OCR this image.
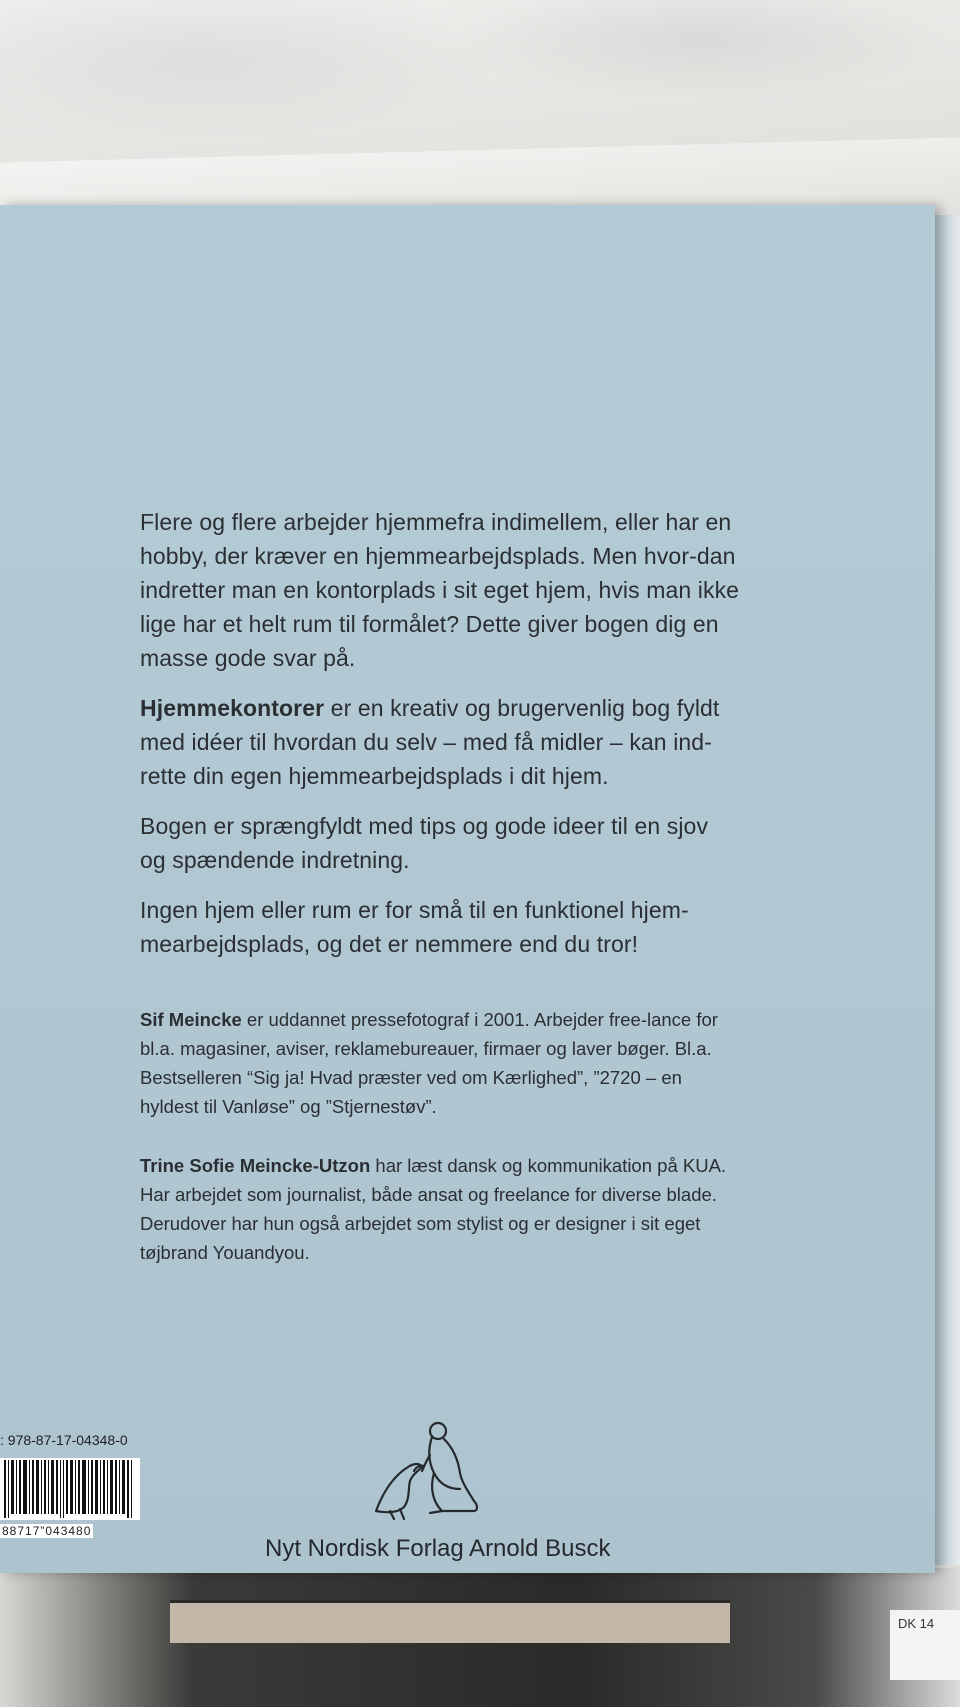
DK 14

Flere og flere arbejder hjemmefra indimellem, eller har en hobby, der kræver en hjemmearbejdsplads. Men hvor-dan indretter man en kontorplads i sit eget hjem, hvis man ikke lige har et helt rum til formålet? Dette giver bogen dig en masse gode svar på.

Hjemmekontorer er en kreativ og brugervenlig bog fyldt med idéer til hvordan du selv – med få midler – kan ind-rette din egen hjemmearbejdsplads i dit hjem.

Bogen er sprængfyldt med tips og gode ideer til en sjov og spændende indretning.

Ingen hjem eller rum er for små til en funktionel hjem-mearbejdsplads, og det er nemmere end du tror!

Sif Meincke er uddannet pressefotograf i 2001. Arbejder free-lance for bl.a. magasiner, aviser, reklamebureauer, firmaer og laver bøger. Bl.a. Bestselleren “Sig ja! Hvad præster ved om Kærlighed”, ”2720 – en hyldest til Vanløse” og ”Stjernestøv”.

Trine Sofie Meincke-Utzon har læst dansk og kommunikation på KUA. Har arbejdet som journalist, både ansat og freelance for diverse blade. Derudover har hun også arbejdet som stylist og er designer i sit eget tøjbrand Youandyou.

: 978-87-17-04348-0
88717”043480
Nyt Nordisk Forlag Arnold Busck
